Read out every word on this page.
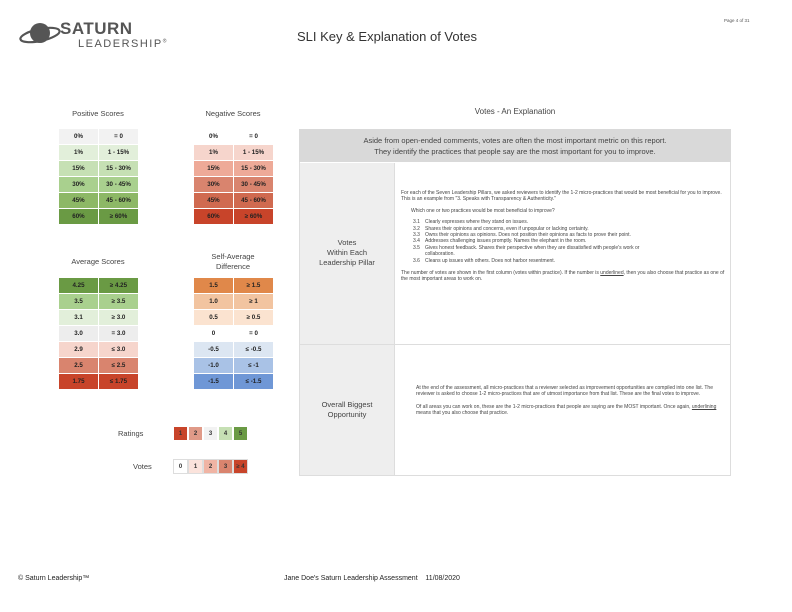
SATURN
LEADERSHIP®	SLI Key & Explanation of Votes
Page 4 of 31
Positive Scores
0%	= 0
1%	1 - 15%
15%	15 - 30%
30%	30 - 45%
45%	45 - 60%
60%	≥ 60%
Negative Scores
0%	= 0
1%	1 - 15%
15%	15 - 30%
30%	30 - 45%
45%	45 - 60%
60%	≥ 60%
Average Scores
4.25	≥ 4.25
3.5	≥ 3.5
3.1	≥ 3.0
3.0	= 3.0
2.9	≤ 3.0
2.5	≤ 2.5
1.75	≤ 1.75
Self-Average
Difference
1.5	≥ 1.5
1.0	≥ 1
0.5	≥ 0.5
0	= 0
-0.5	≤ -0.5
-1.0	≤ -1
-1.5	≤ -1.5
Ratings	1	2	3	4	5
Votes	0	1	2	3	≥ 4
Votes - An Explanation
Aside from open-ended comments, votes are often the most important metric on this report.
They identify the practices that people say are the most important for you to improve.
Votes
Within Each
Leadership Pillar

For each of the Seven Leadership Pillars, we asked reviewers to identify the 1-2 micro-practices that would be most beneficial for you to improve. This is an example from "3. Speaks with Transparency & Authenticity."

Which one or two practices would be most beneficial to improve?

3.1	Clearly expresses where they stand on issues.
3.2	Shares their opinions and concerns, even if unpopular or lacking certainty.
3.3	Owns their opinions as opinions. Does not position their opinions as facts to prove their point.
3.4	Addresses challenging issues promptly. Names the elephant in the room.
3.5	Gives honest feedback. Shares their perspective when they are dissatisfied with people's work or collaboration.
3.6	Cleans up issues with others. Does not harbor resentment.

The number of votes are shown in the first column (votes within practice). If the number is underlined, then you also choose that practice as one of the most important areas to work on.

Overall Biggest
Opportunity

At the end of the assessment, all micro-practices that a reviewer selected as improvement opportunities are compiled into one list. The reviewer is asked to choose 1-2 micro-practices that are of utmost importance from that list. These are the final votes to improve.

Of all areas you can work on, these are the 1-2 micro-practices that people are saying are the MOST important. Once again, underlining means that you also choose that practice.

© Saturn Leadership™	Jane Doe's Saturn Leadership Assessment 11/08/2020
